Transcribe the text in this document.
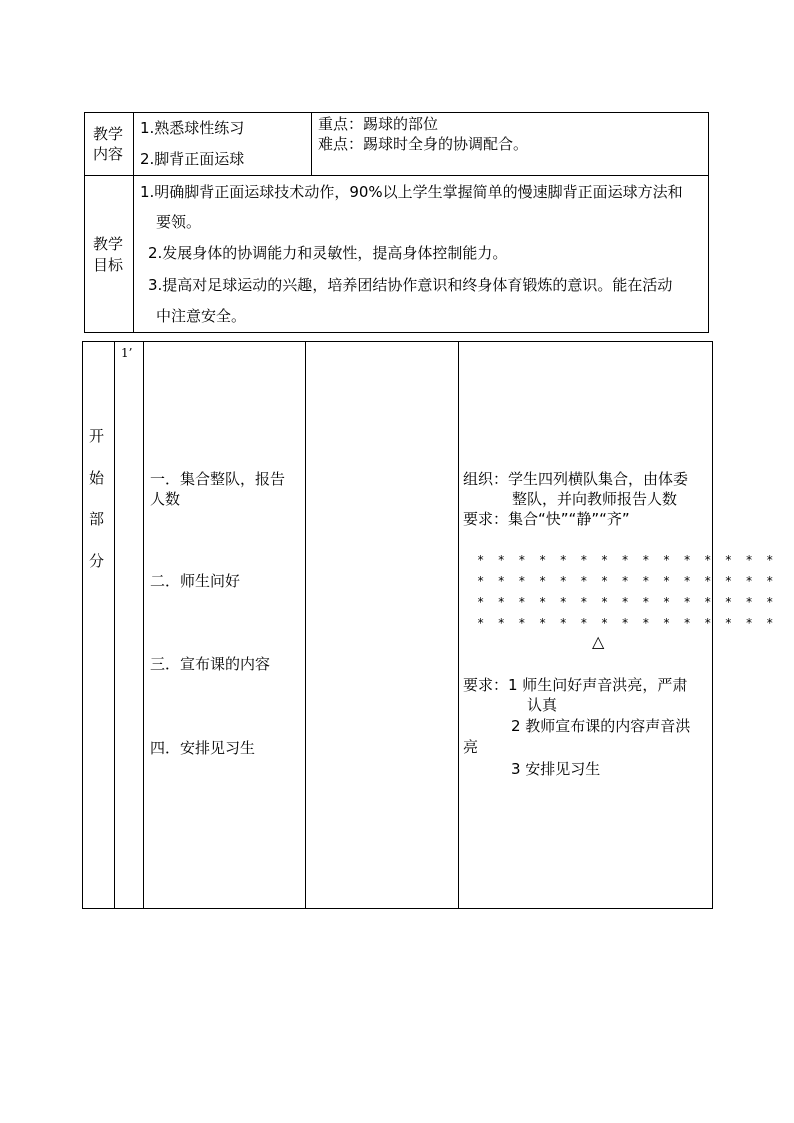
教学
内容
1.熟悉球性练习
2.脚背正面运球
重点：踢球的部位
难点：踢球时全身的协调配合。
教学
目标
1.明确脚背正面运球技术动作，90%以上学生掌握简单的慢速脚背正面运球方法和
要领。
2.发展身体的协调能力和灵敏性，提高身体控制能力。
3.提高对足球运动的兴趣，培养团结协作意识和终身体育锻炼的意识。能在活动
中注意安全。
开
始
部
分
1’
一．集合整队，报告
人数
二．师生问好
三．宣布课的内容
四．安排见习生
组织：学生四列横队集合，由体委
整队，并向教师报告人数
要求：集合“快”“静”“齐”
* * * * * * * * * * * * * * *
* * * * * * * * * * * * * * *
* * * * * * * * * * * * * * *
* * * * * * * * * * * * * * *
△
要求：1 师生问好声音洪亮，严肃
认真
2 教师宣布课的内容声音洪
亮
3 安排见习生
